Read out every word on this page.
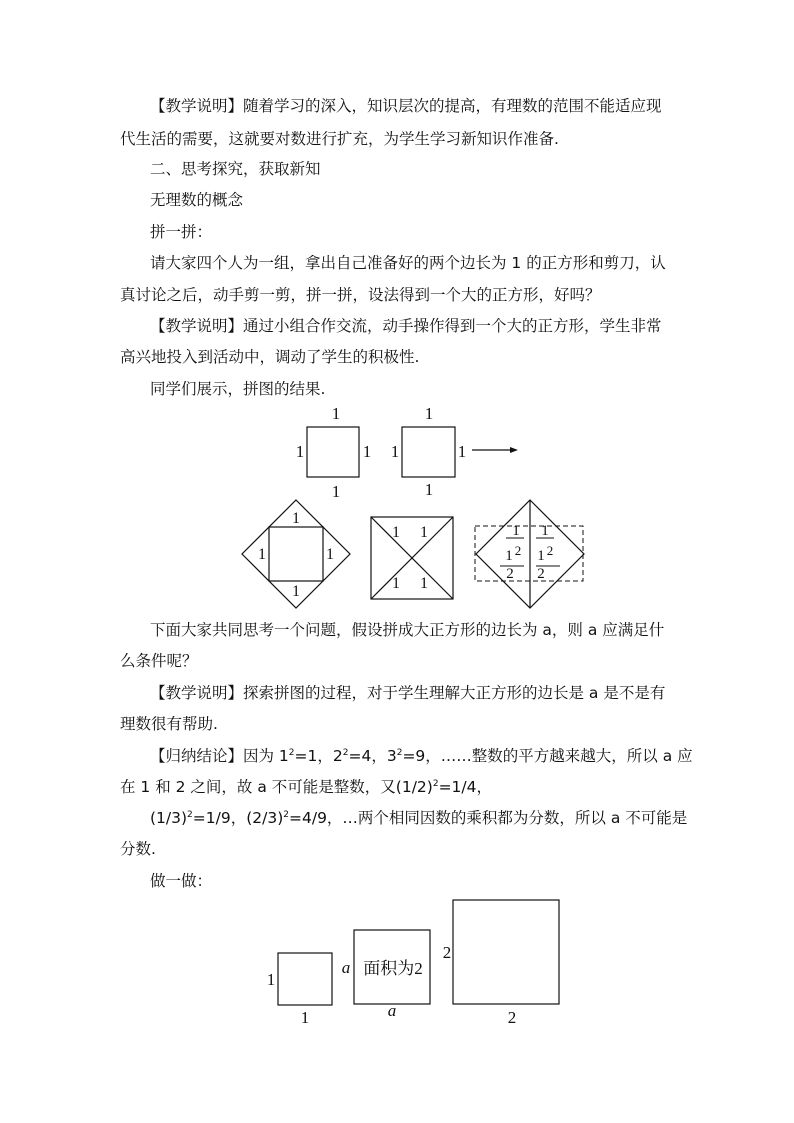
【教学说明】随着学习的深入，知识层次的提高，有理数的范围不能适应现
代生活的需要，这就要对数进行扩充，为学生学习新知识作准备.
二、思考探究，获取新知
无理数的概念
拼一拼：
请大家四个人为一组，拿出自己准备好的两个边长为 1 的正方形和剪刀，认
真讨论之后，动手剪一剪，拼一拼，设法得到一个大的正方形，好吗？
【教学说明】通过小组合作交流，动手操作得到一个大的正方形，学生非常
高兴地投入到活动中，调动了学生的积极性.
同学们展示，拼图的结果.
1
1	1
1
1
1	1
1
1
1	1
1
1 1
1 1
1 1
1 2 1 2
2 2
下面大家共同思考一个问题，假设拼成大正方形的边长为 a，则 a 应满足什
么条件呢？
【教学说明】探索拼图的过程，对于学生理解大正方形的边长是 a 是不是有
理数很有帮助.
【归纳结论】因为 $1^2=1$，$2^2=4$，$3^2=9$，……整数的平方越来越大，所以 a 应
在 1 和 2 之间，故 a 不可能是整数，又$(1/2)^2=1/4$，
$(1/3)^2=1/9$，$(2/3)^2=4/9$，…两个相同因数的乘积都为分数，所以 a 不可能是
分数.
做一做：
1
1
a
a
面积为2
2
2
